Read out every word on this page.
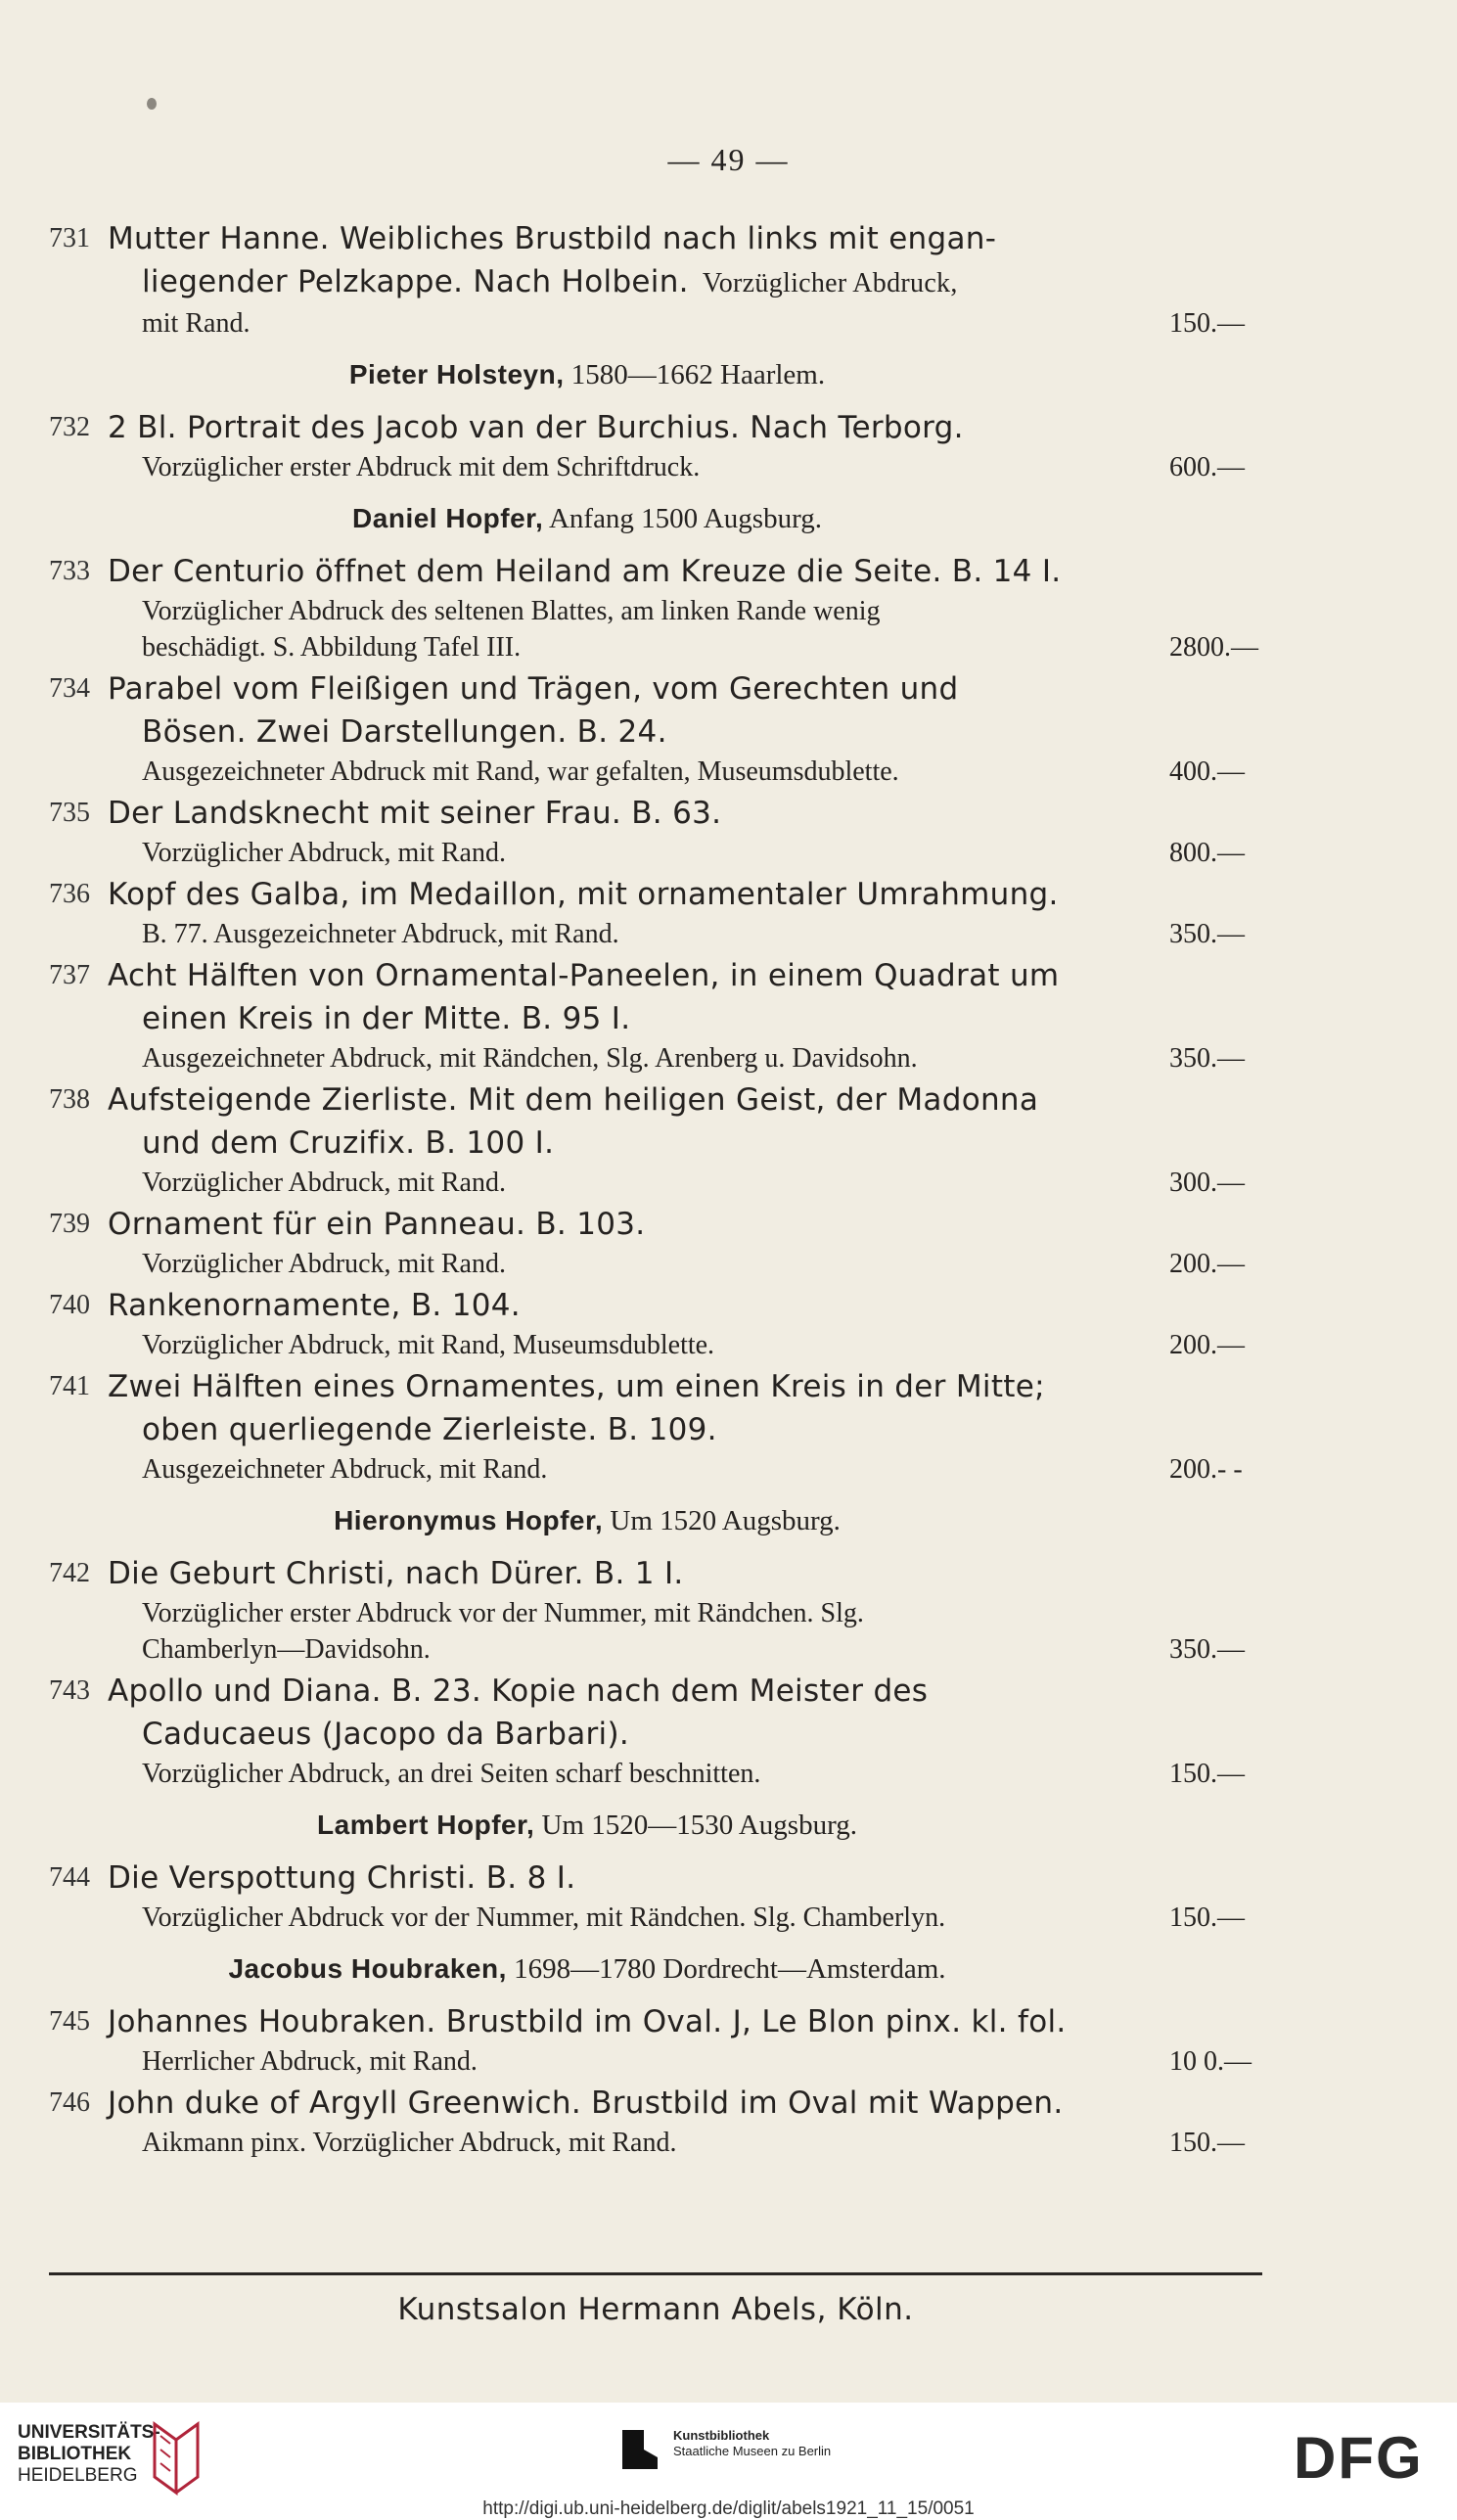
— 49 —
731 Mutter Hanne. Weibliches Brustbild nach links mit engan-
liegender Pelzkappe. Nach Holbein. Vorzüglicher Abdruck,
mit Rand.	150.—
Pieter Holsteyn, 1580—1662 Haarlem.
732 2 Bl. Portrait des Jacob van der Burchius. Nach Terborg.
Vorzüglicher erster Abdruck mit dem Schriftdruck.	600.—
Daniel Hopfer, Anfang 1500 Augsburg.
733 Der Centurio öffnet dem Heiland am Kreuze die Seite. B. 14 I.
Vorzüglicher Abdruck des seltenen Blattes, am linken Rande wenig
beschädigt. S. Abbildung Tafel III.	2800.—
734 Parabel vom Fleißigen und Trägen, vom Gerechten und
Bösen. Zwei Darstellungen. B. 24.
Ausgezeichneter Abdruck mit Rand, war gefalten, Museumsdublette.	400.—
735 Der Landsknecht mit seiner Frau. B. 63.
Vorzüglicher Abdruck, mit Rand.	800.—
736 Kopf des Galba, im Medaillon, mit ornamentaler Umrahmung.
B. 77. Ausgezeichneter Abdruck, mit Rand.	350.—
737 Acht Hälften von Ornamental-Paneelen, in einem Quadrat um
einen Kreis in der Mitte. B. 95 I.
Ausgezeichneter Abdruck, mit Rändchen, Slg. Arenberg u. Davidsohn.	350.—
738 Aufsteigende Zierliste. Mit dem heiligen Geist, der Madonna
und dem Cruzifix. B. 100 I.
Vorzüglicher Abdruck, mit Rand.	300.—
739 Ornament für ein Panneau. B. 103.
Vorzüglicher Abdruck, mit Rand.	200.—
740 Rankenornamente, B. 104.
Vorzüglicher Abdruck, mit Rand, Museumsdublette.	200.—
741 Zwei Hälften eines Ornamentes, um einen Kreis in der Mitte;
oben querliegende Zierleiste. B. 109.
Ausgezeichneter Abdruck, mit Rand.	200.- -
Hieronymus Hopfer, Um 1520 Augsburg.
742 Die Geburt Christi, nach Dürer. B. 1 I.
Vorzüglicher erster Abdruck vor der Nummer, mit Rändchen. Slg.
Chamberlyn—Davidsohn.	350.—
743 Apollo und Diana. B. 23. Kopie nach dem Meister des
Caducaeus (Jacopo da Barbari).
Vorzüglicher Abdruck, an drei Seiten scharf beschnitten.	150.—
Lambert Hopfer, Um 1520—1530 Augsburg.
744 Die Verspottung Christi. B. 8 I.
Vorzüglicher Abdruck vor der Nummer, mit Rändchen. Slg. Chamberlyn.	150.—
Jacobus Houbraken, 1698—1780 Dordrecht—Amsterdam.
745 Johannes Houbraken. Brustbild im Oval. J, Le Blon pinx. kl. fol.
Herrlicher Abdruck, mit Rand.	10 0.—
746 John duke of Argyll Greenwich. Brustbild im Oval mit Wappen.
Aikmann pinx. Vorzüglicher Abdruck, mit Rand.	150.—
Kunstsalon Hermann Abels, Köln.
UNIVERSITÄTS-
BIBLIOTHEK
HEIDELBERG
Kunstbibliothek
Staatliche Museen zu Berlin	DFG
http://digi.ub.uni-heidelberg.de/diglit/abels1921_11_15/0051
